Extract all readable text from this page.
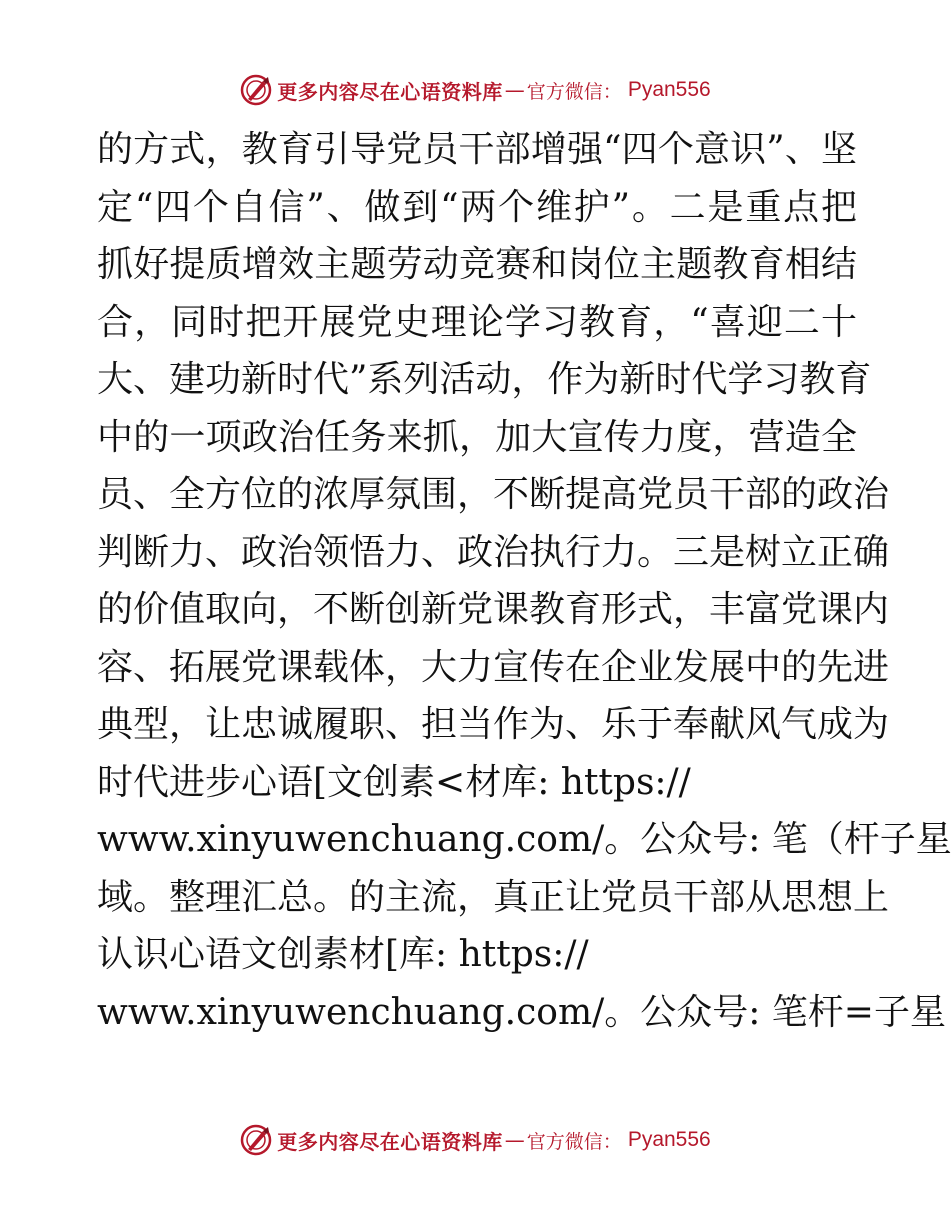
更多内容尽在心语资料库 — 官方微信 ： Pyan556
的方式，教育引导党员干部增强“四个意识”、坚
定“四个自信”、做到“两个维护”。二是重点把
抓好提质增效主题劳动竞赛和岗位主题教育相结
合，同时把开展党史理论学习教育，“喜迎二十
大、建功新时代”系列活动，作为新时代学习教育
中的一项政治任务来抓，加大宣传力度，营造全
员、全方位的浓厚氛围，不断提高党员干部的政治
判断力、政治领悟力、政治执行力。三是树立正确
的价值取向，不断创新党课教育形式，丰富党课内
容、拓展党课载体，大力宣传在企业发展中的先进
典型，让忠诚履职、担当作为、乐于奉献风气成为
时代进步心语[文创素<材库: https://
www.xinyuwenchuang.com/。公众号: 笔（杆子星
域。整理汇总。的主流，真正让党员干部从思想上
认识心语文创素材[库: https://
www.xinyuwenchuang.com/。公众号: 笔杆=子星
更多内容尽在心语资料库 — 官方微信 ： Pyan556
